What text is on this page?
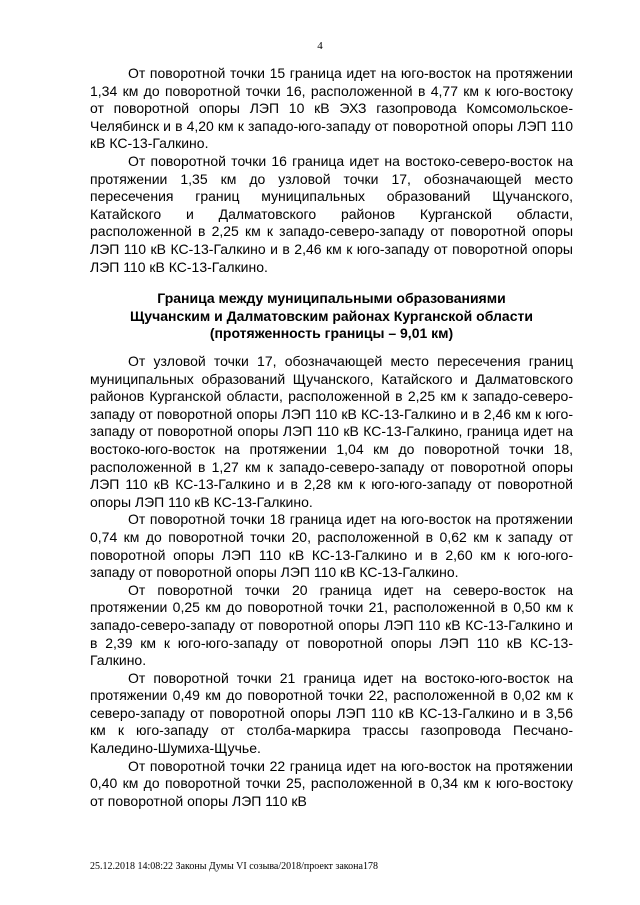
4

От поворотной точки 15 граница идет на юго-восток на протяжении 1,34 км до поворотной точки 16, расположенной в 4,77 км к юго-востоку от поворотной опоры ЛЭП 10 кВ ЭХЗ газопровода Комсомольское-Челябинск и в 4,20 км к западо-юго-западу от поворотной опоры ЛЭП 110 кВ КС-13-Галкино.

От поворотной точки 16 граница идет на востоко-северо-восток на протяжении 1,35 км до узловой точки 17, обозначающей место пересечения границ муниципальных образований Щучанского, Катайского и Далматовского районов Курганской области, расположенной в 2,25 км к западо-северо-западу от поворотной опоры ЛЭП 110 кВ КС-13-Галкино и в 2,46 км к юго-западу от поворотной опоры ЛЭП 110 кВ КС-13-Галкино.

Граница между муниципальными образованиями
Щучанским и Далматовским районах Курганской области
(протяженность границы – 9,01 км)

От узловой точки 17, обозначающей место пересечения границ муниципальных образований Щучанского, Катайского и Далматовского районов Курганской области, расположенной в 2,25 км к западо-северо-западу от поворотной опоры ЛЭП 110 кВ КС-13-Галкино и в 2,46 км к юго-западу от поворотной опоры ЛЭП 110 кВ КС-13-Галкино, граница идет на востоко-юго-восток на протяжении 1,04 км до поворотной точки 18, расположенной в 1,27 км к западо-северо-западу от поворотной опоры ЛЭП 110 кВ КС-13-Галкино и в 2,28 км к юго-юго-западу от поворотной опоры ЛЭП 110 кВ КС-13-Галкино.

От поворотной точки 18 граница идет на юго-восток на протяжении 0,74 км до поворотной точки 20, расположенной в 0,62 км к западу от поворотной опоры ЛЭП 110 кВ КС-13-Галкино и в 2,60 км к юго-юго-западу от поворотной опоры ЛЭП 110 кВ КС-13-Галкино.

От поворотной точки 20 граница идет на северо-восток на протяжении 0,25 км до поворотной точки 21, расположенной в 0,50 км к западо-северо-западу от поворотной опоры ЛЭП 110 кВ КС-13-Галкино и в 2,39 км к юго-юго-западу от поворотной опоры ЛЭП 110 кВ КС-13-Галкино.

От поворотной точки 21 граница идет на востоко-юго-восток на протяжении 0,49 км до поворотной точки 22, расположенной в 0,02 км к северо-западу от поворотной опоры ЛЭП 110 кВ КС-13-Галкино и в 3,56 км к юго-западу от столба-маркира трассы газопровода Песчано-Каледино-Шумиха-Щучье.

От поворотной точки 22 граница идет на юго-восток на протяжении 0,40 км до поворотной точки 25, расположенной в 0,34 км к юго-востоку от поворотной опоры ЛЭП 110 кВ

25.12.2018 14:08:22 Законы Думы VI созыва/2018/проект закона178
